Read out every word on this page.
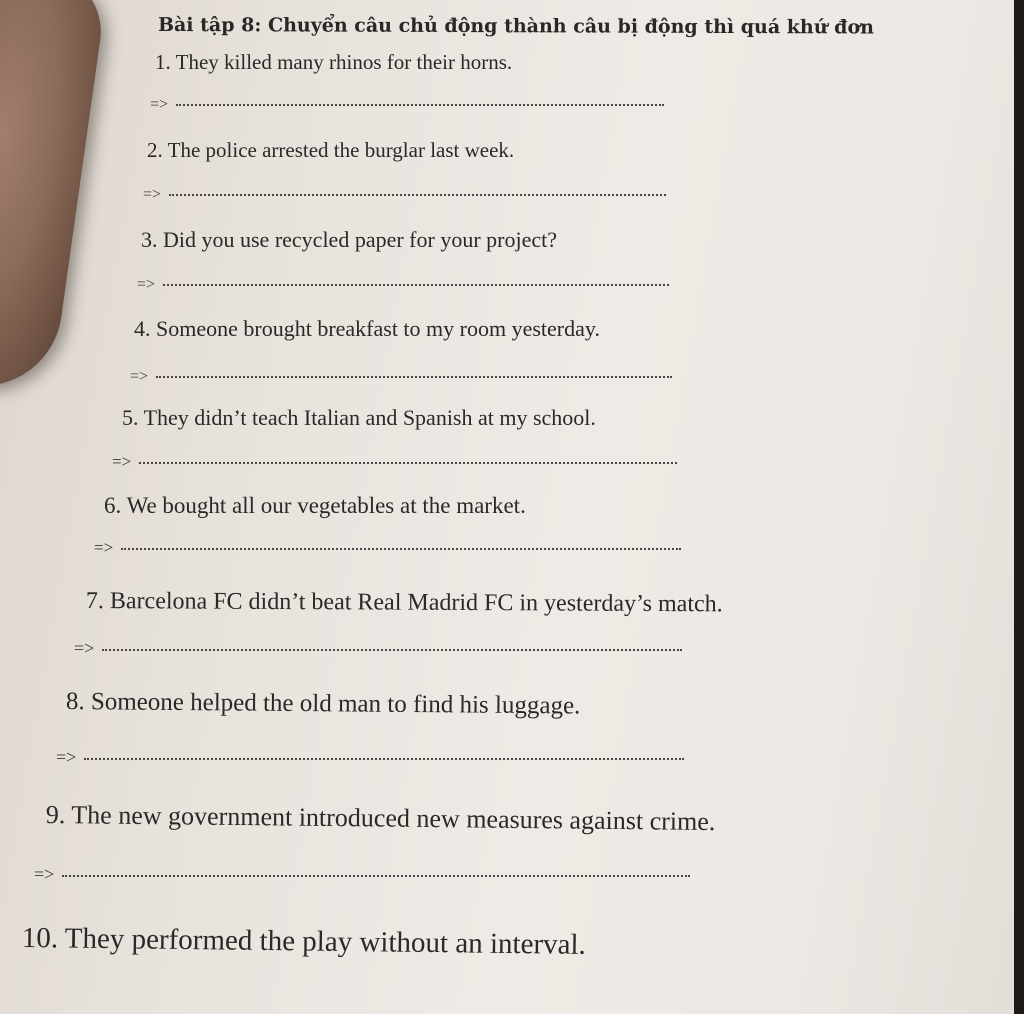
Bài tập 8: Chuyển câu chủ động thành câu bị động thì quá khứ đơn
1. They killed many rhinos for their horns.
=>
2. The police arrested the burglar last week.
=>
3. Did you use recycled paper for your project?
=>
4. Someone brought breakfast to my room yesterday.
=>
5. They didn’t teach Italian and Spanish at my school.
=>
6. We bought all our vegetables at the market.
=>
7. Barcelona FC didn’t beat Real Madrid FC in yesterday’s match.
=>
8. Someone helped the old man to find his luggage.
=>
9. The new government introduced new measures against crime.
=>
10. They performed the play without an interval.
